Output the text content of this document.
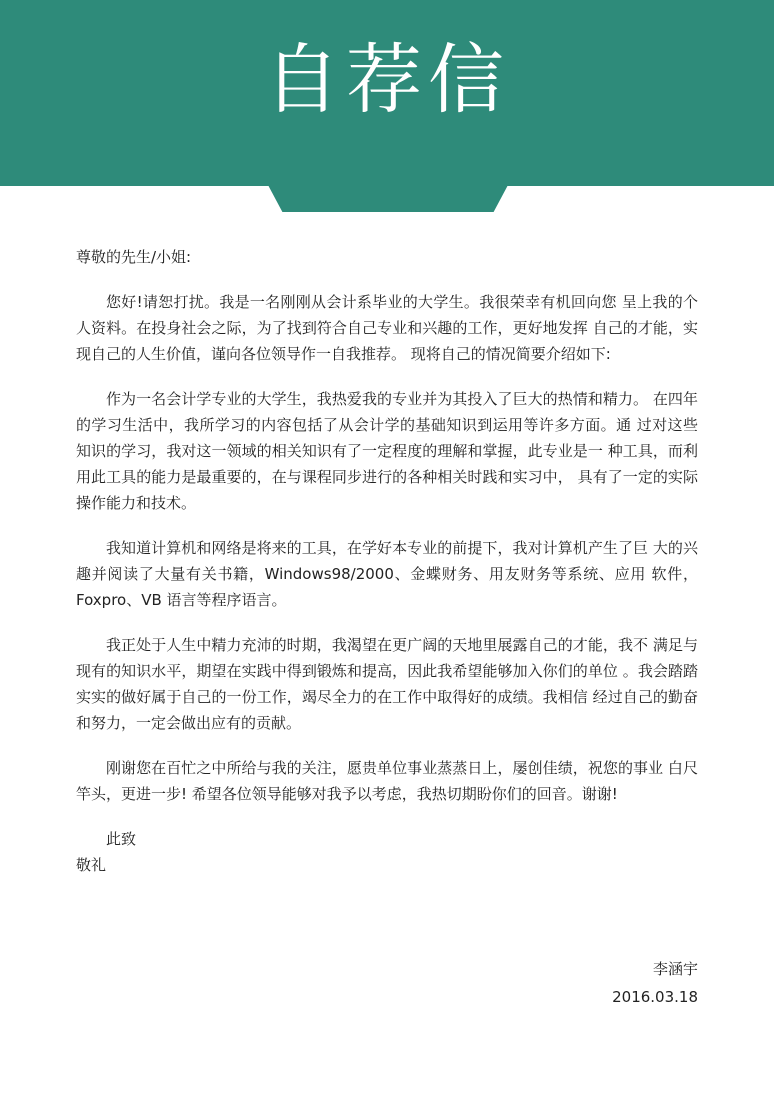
自荐信

尊敬的先生/小姐:

您好!请恕打扰。我是一名刚刚从会计系毕业的大学生。我很荣幸有机回向您 呈上我的个人资料。在投身社会之际，为了找到符合自己专业和兴趣的工作，更好地发挥 自己的才能，实现自己的人生价值，谨向各位领导作一自我推荐。 现将自己的情况简要介绍如下:

作为一名会计学专业的大学生，我热爱我的专业并为其投入了巨大的热情和精力。 在四年的学习生活中，我所学习的内容包括了从会计学的基础知识到运用等许多方面。通 过对这些 知识的学习，我对这一领域的相关知识有了一定程度的理解和掌握，此专业是一 种工具，而利用此工具的能力是最重要的，在与课程同步进行的各种相关时践和实习中， 具有了一定的实际操作能力和技术。

我知道计算机和网络是将来的工具，在学好本专业的前提下，我对计算机产生了巨 大的兴趣并阅读了大量有关书籍，Windows98/2000、金蝶财务、用友财务等系统、应用 软件，Foxpro、VB 语言等程序语言。

我正处于人生中精力充沛的时期，我渴望在更广阔的天地里展露自己的才能，我不 满足与现有的知识水平，期望在实践中得到锻炼和提高，因此我希望能够加入你们的单位 。我会踏踏实实的做好属于自己的一份工作，竭尽全力的在工作中取得好的成绩。我相信 经过自己的勤奋和努力，一定会做出应有的贡献。

刚谢您在百忙之中所给与我的关注，愿贵单位事业蒸蒸日上，屡创佳绩，祝您的事业 白尺竿头，更进一步! 希望各位领导能够对我予以考虑，我热切期盼你们的回音。谢谢!

此致

敬礼

李涵宇
2016.03.18
